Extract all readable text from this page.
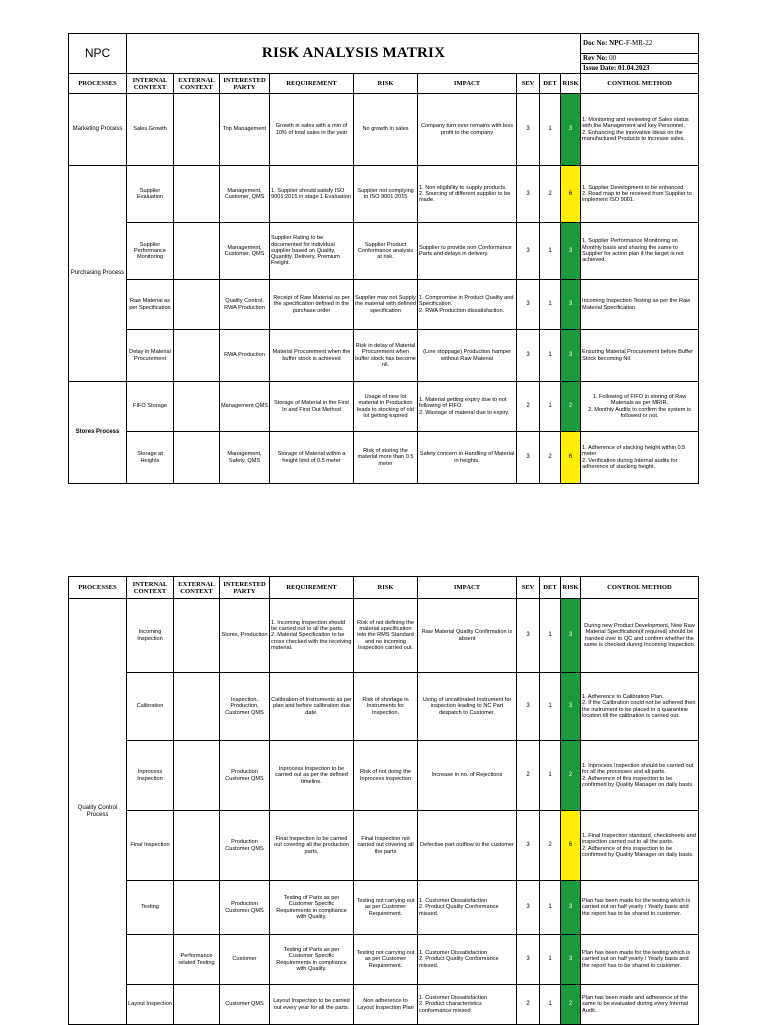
NPC	RISK ANALYSIS MATRIX									Doc No: NPC-F-MR-22
										Rev No: 00
										Issue Date: 01.04.2023
PROCESSES	INTERNAL CONTEXT	EXTERNAL CONTEXT	INTERESTED PARTY	REQUIREMENT	RISK	IMPACT	SEV	DET	RISK	CONTROL METHOD
Marketing Process	Sales Growth		Top Management	Growth in sales with a min of 10% of total sales in the year	No growth in sales	Company turn over remains with less profit to the company	3	1	3	1. Monitoring and reviewing of Sales status with the Management and key Personnel.
2. Enhancing the innovative ideas on the manufactured Products to increase sales.
Purchasing Process	Supplier Evaluation		Management, Customer, QMS	1. Supplier should satisfy ISO 9001:2015 in stage 1 Evaluation	Supplier not complying to ISO 9001:2015	1. Non eligibility to supply products.
2. Sourcing of different supplier to be made.	3	2	6	1. Supplier Development to be enhanced.
2. Road map to be received from Supplier to implement ISO 9001.
	Supplier Performance Monitoring		Management, Customer, QMS	Supplier Rating to be documented for individual supplier based on Quality, Quantity, Delivery, Premium Freight.	Supplier Product Conformance analysis at risk.	Supplier to provide non Conformance Parts and delays in delivery.	3	1	3	1. Supplier Performance Monitoring on Monthly basis and sharing the same to Supplier for action plan if the target is not achieved.
	Raw Material as per Specification		Quality Control, RWA Production	Receipt of Raw Material as per the specification defined in the purchase order	Supplier may not Supply the material with defined specification	1. Compromise in Product Quality and Specification.
2. RWA Production dissatisfaction.	3	1	3	Incoming Inspection Testing as per the Raw Material Specification.
	Delay in Material Procurement		RWA Production	Material Procurement when the buffer stock is achieved	Risk in delay of Material Procurement when buffer stock has become nil.	(Line stoppage) Production hamper without Raw Material	3	1	3	Ensuring Material Procurement before Buffer Stock becoming Nil.
Stores Process	FIFO Storage		Management QMS	Storage of Material in the First In and First Out Method	Usage of new lot material in Production leads to stocking of old lot getting expired	1. Material getting expiry due to not following of FIFO.
2. Wastage of material due to expiry.	2	1	2	1. Following of FIFO in storing of Raw Materials as per MRIR.
2. Monthly Audits to confirm the system is followed or not.
	Storage at Heights		Management, Safety, QMS	Storage of Material within a height limit of 0.5 meter	Risk of storing the material more than 0.5 meter	Safety concern in Handling of Material in heights.	3	2	6	1. Adherence of stacking height within 0.5 meter
2. Verification during Internal audits for adherence of stacking height.
PROCESSES	INTERNAL CONTEXT	EXTERNAL CONTEXT	INTERESTED PARTY	REQUIREMENT	RISK	IMPACT	SEV	DET	RISK	CONTROL METHOD
Quality Control Process	Incoming Inspection		Stores, Production	1. Incoming Inspection should be carried out to all the parts.
2. Material Specification to be cross checked with the receiving material.	Risk of not defining the material specification into the RMS Standard and no incoming Inspection carried out.	Raw Material Quality Confirmation is absent	3	1	3	During new Product Development, New Raw Material Specification(if required) should be handed over to QC and confirm whether the same is checked during Incoming Inspection.
	Calibration		Inspection, Production, Customer QMS	Calibration of Instruments as per plan and before calibration due date.	Risk of shortage in Instruments for Inspection.	Using of uncalibrated Instrument for inspection leading to NC Part despatch to Customer.	3	1	3	1. Adherence to Calibration Plan.
2. If the Calibration could not be adhered then the instrument to be placed in a quarantine location till the calibration is carried out.
	Inprocess Inspection		Production Customer QMS	Inprocess Inspection to be carried out as per the defined timeline.	Risk of not doing the Inprocess inspection	Increase in no. of Rejections	2	1	2	1. Inprocess Inspection should be carried out for all the processes and all parts.
2. Adherence of this inspection to be confirmed by Quality Manager on daily basis.
	Final Inspection		Production Customer QMS	Final Inspection to be carried out covering all the production parts.	Final Inspection not carried out covering all the parts	Defective part outflow to the customer	3	2	6	1. Final Inspection standard, checksheets and inspection carried out to all the parts.
2. Adherence of this inspection to be confirmed by Quality Manager on daily basis.
	Testing		Production Customer QMS	Testing of Parts as per Customer Specific Requirements in compliance with Quality.	Testing not carrying out as per Customer Requirement.	1. Customer Dissatisfaction
2. Product Quality Conformance missed.	3	1	3	Plan has been made for the testing which is carried out on half yearly / Yearly basis and the report has to be shared to customer.
		Performance related Testing	Customer	Testing of Parts as per Customer Specific Requirements in compliance with Quality.	Testing not carrying out as per Customer Requirement.	1. Customer Dissatisfaction
2. Product Quality Conformance missed.	3	1	3	Plan has been made for the testing which is carried out on half yearly / Yearly basis and the report has to be shared to customer.
	Layout Inspection		Customer QMS	Layout Inspection to be carried out every year for all the parts.	Non adherence to Layout Inspection Plan	1. Customer Dissatisfaction
2. Product characteristics conformance missed	2	1	2	Plan has been made and adherence of the same to be evaluated during every Internal Audit.
